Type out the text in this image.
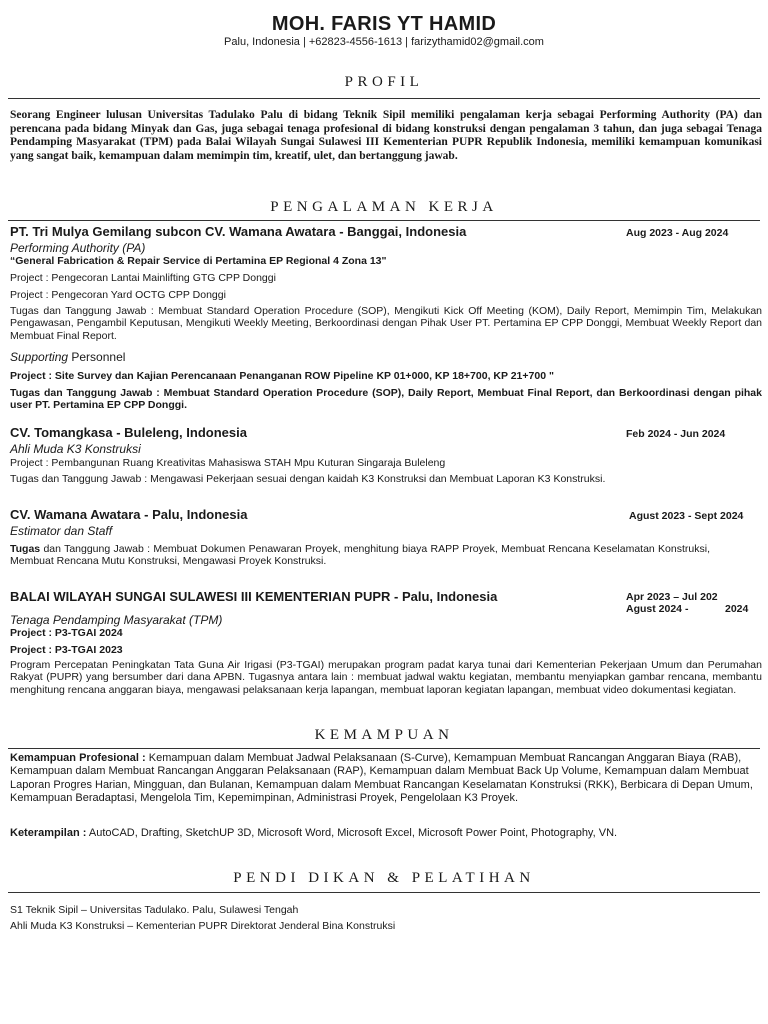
MOH. FARIS YT HAMID
Palu, Indonesia | +62823-4556-1613 | farizythamid02@gmail.com
PROFIL
Seorang Engineer lulusan Universitas Tadulako Palu di bidang Teknik Sipil memiliki pengalaman kerja sebagai Performing Authority (PA) dan perencana pada bidang Minyak dan Gas, juga sebagai tenaga profesional di bidang konstruksi dengan pengalaman 3 tahun, dan juga sebagai Tenaga Pendamping Masyarakat (TPM) pada Balai Wilayah Sungai Sulawesi III Kementerian PUPR Republik Indonesia, memiliki kemampuan komunikasi yang sangat baik, kemampuan dalam memimpin tim, kreatif, ulet, dan bertanggung jawab.
PENGALAMAN KERJA
PT. Tri Mulya Gemilang subcon CV. Wamana Awatara - Banggai, Indonesia	Aug 2023 - Aug 2024
Performing Authority (PA)
“General Fabrication & Repair Service di Pertamina EP Regional 4 Zona 13"
Project : Pengecoran Lantai Mainlifting GTG CPP Donggi
Project : Pengecoran Yard OCTG CPP Donggi
Tugas dan Tanggung Jawab : Membuat Standard Operation Procedure (SOP), Mengikuti Kick Off Meeting (KOM), Daily Report, Memimpin Tim, Melakukan Pengawasan, Pengambil Keputusan, Mengikuti Weekly Meeting, Berkoordinasi dengan Pihak User PT. Pertamina EP CPP Donggi, Membuat Weekly Report dan Membuat Final Report.
Supporting Personnel
Project : Site Survey dan Kajian Perencanaan Penanganan ROW Pipeline KP 01+000, KP 18+700, KP 21+700 "
Tugas dan Tanggung Jawab : Membuat Standard Operation Procedure (SOP), Daily Report, Membuat Final Report, dan Berkoordinasi dengan pihak user PT. Pertamina EP CPP Donggi.
CV. Tomangkasa - Buleleng, Indonesia	Feb 2024 - Jun 2024
Ahli Muda K3 Konstruksi
Project : Pembangunan Ruang Kreativitas Mahasiswa STAH Mpu Kuturan Singaraja Buleleng
Tugas dan Tanggung Jawab : Mengawasi Pekerjaan sesuai dengan kaidah K3 Konstruksi dan Membuat Laporan K3 Konstruksi.
CV. Wamana Awatara - Palu, Indonesia	Agust 2023 - Sept 2024
Estimator dan Staff
Tugas dan Tanggung Jawab : Membuat Dokumen Penawaran Proyek, menghitung biaya RAPP Proyek, Membuat Rencana Keselamatan Konstruksi, Membuat Rencana Mutu Konstruksi, Mengawasi Proyek Konstruksi.
BALAI WILAYAH SUNGAI SULAWESI III KEMENTERIAN PUPR - Palu, Indonesia	Apr 2023 – Jul 202
Agust 2024 -	2024
Tenaga Pendamping Masyarakat (TPM)
Project : P3-TGAI 2024
Project : P3-TGAI 2023
Program Percepatan Peningkatan Tata Guna Air Irigasi (P3-TGAI) merupakan program padat karya tunai dari Kementerian Pekerjaan Umum dan Perumahan Rakyat (PUPR) yang bersumber dari dana APBN. Tugasnya antara lain : membuat jadwal waktu kegiatan, membantu menyiapkan gambar rencana, membantu menghitung rencana anggaran biaya, mengawasi pelaksanaan kerja lapangan, membuat laporan kegiatan lapangan, membuat video dokumentasi kegiatan.
KEMAMPUAN
Kemampuan Profesional : Kemampuan dalam Membuat Jadwal Pelaksanaan (S-Curve), Kemampuan Membuat Rancangan Anggaran Biaya (RAB), Kemampuan dalam Membuat Rancangan Anggaran Pelaksanaan (RAP), Kemampuan dalam Membuat Back Up Volume, Kemampuan dalam Membuat Laporan Progres Harian, Mingguan, dan Bulanan, Kemampuan dalam Membuat Rancangan Keselamatan Konstruksi (RKK), Berbicara di Depan Umum, Kemampuan Beradaptasi, Mengelola Tim, Kepemimpinan, Administrasi Proyek, Pengelolaan K3 Proyek.
Keterampilan : AutoCAD, Drafting, SketchUP 3D, Microsoft Word, Microsoft Excel, Microsoft Power Point, Photography, VN.
PENDI DIKAN & PELATIHAN
S1 Teknik Sipil – Universitas Tadulako. Palu, Sulawesi Tengah
Ahli Muda K3 Konstruksi – Kementerian PUPR Direktorat Jenderal Bina Konstruksi
